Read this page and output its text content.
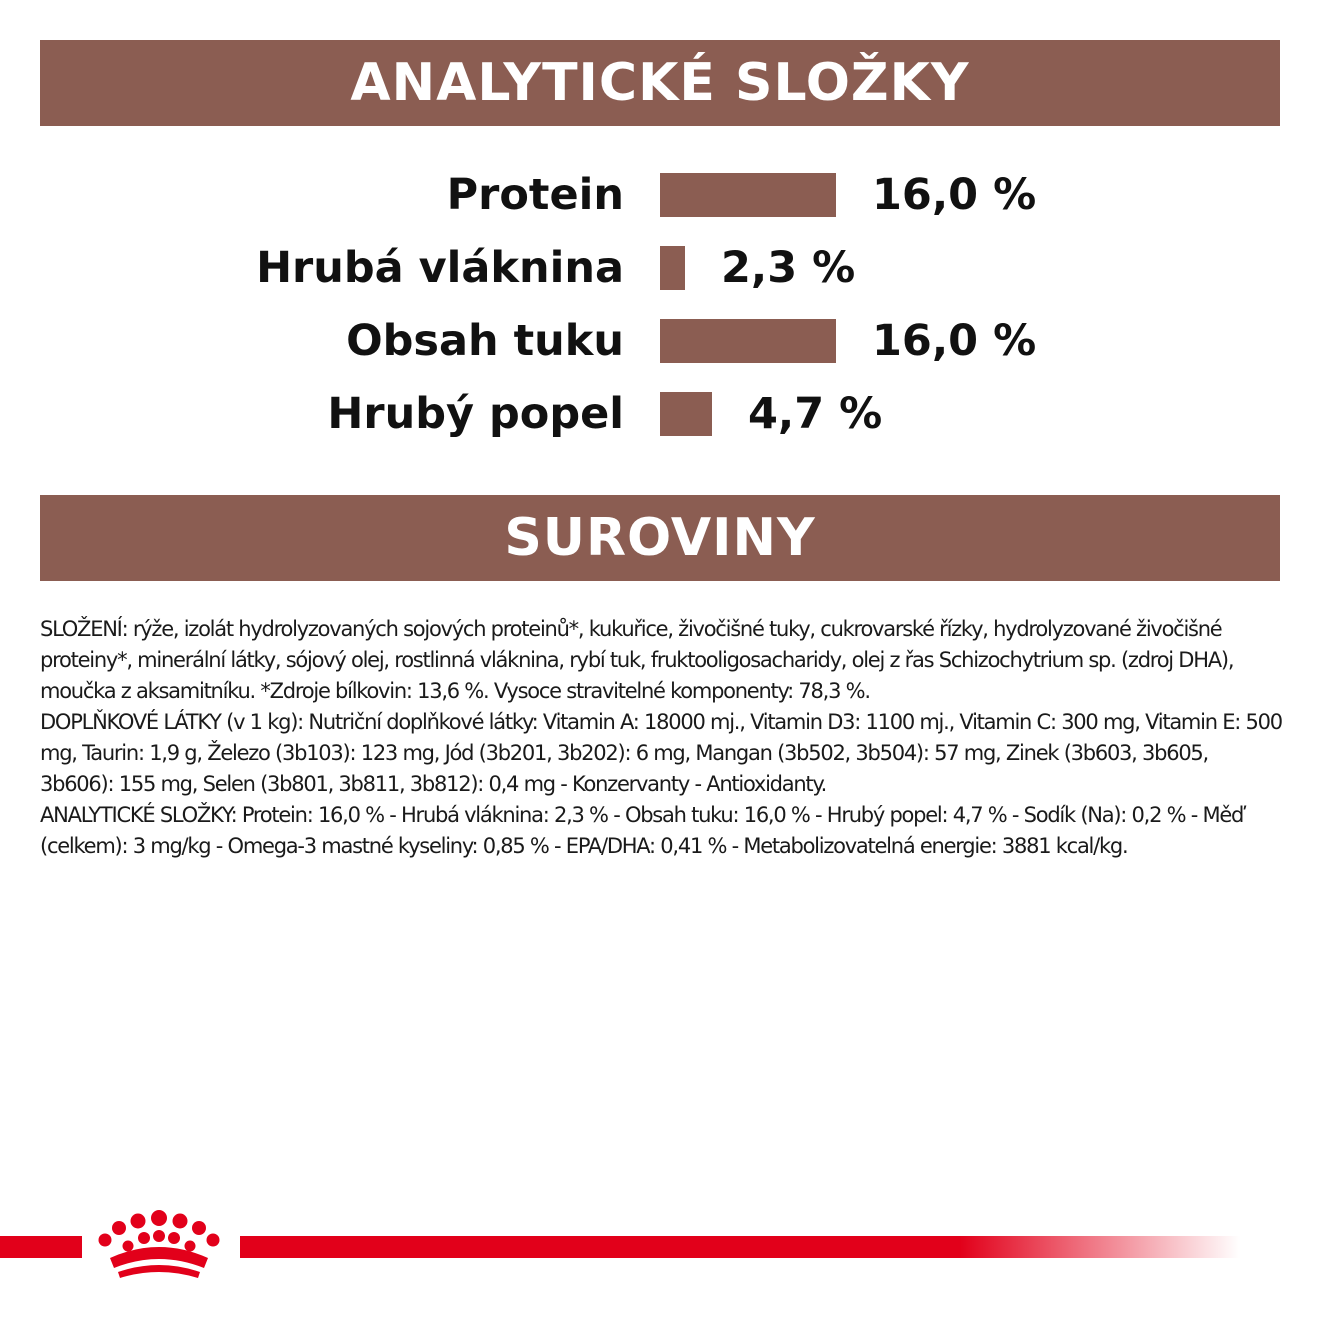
ANALYTICKÉ SLOŽKY
Protein	16,0 %
Hrubá vláknina 2,3 %
Obsah tuku	16,0 %
Hrubý popel	4,7 %
SUROVINY

SLOŽENÍ: rýže, izolát hydrolyzovaných sojových proteinů*, kukuřice, živočišné tuky, cukrovarské řízky, hydrolyzované živočišné proteiny*, minerální látky, sójový olej, rostlinná vláknina, rybí tuk, fruktooligosacharidy, olej z řas Schizochytrium sp. (zdroj DHA), moučka z aksamitníku. *Zdroje bílkovin: 13,6 %. Vysoce stravitelné komponenty: 78,3 %.

DOPLŇKOVÉ LÁTKY (v 1 kg): Nutriční doplňkové látky: Vitamin A: 18000 mj., Vitamin D3: 1100 mj., Vitamin C: 300 mg, Vitamin E: 500 mg, Taurin: 1,9 g, Železo (3b103): 123 mg, Jód (3b201, 3b202): 6 mg, Mangan (3b502, 3b504): 57 mg, Zinek (3b603, 3b605, 3b606): 155 mg, Selen (3b801, 3b811, 3b812): 0,4 mg - Konzervanty - Antioxidanty.

ANALYTICKÉ SLOŽKY: Protein: 16,0 % - Hrubá vláknina: 2,3 % - Obsah tuku: 16,0 % - Hrubý popel: 4,7 % - Sodík (Na): 0,2 % - Měď (celkem): 3 mg/kg - Omega-3 mastné kyseliny: 0,85 % - EPA/DHA: 0,41 % - Metabolizovatelná energie: 3881 kcal/kg.
